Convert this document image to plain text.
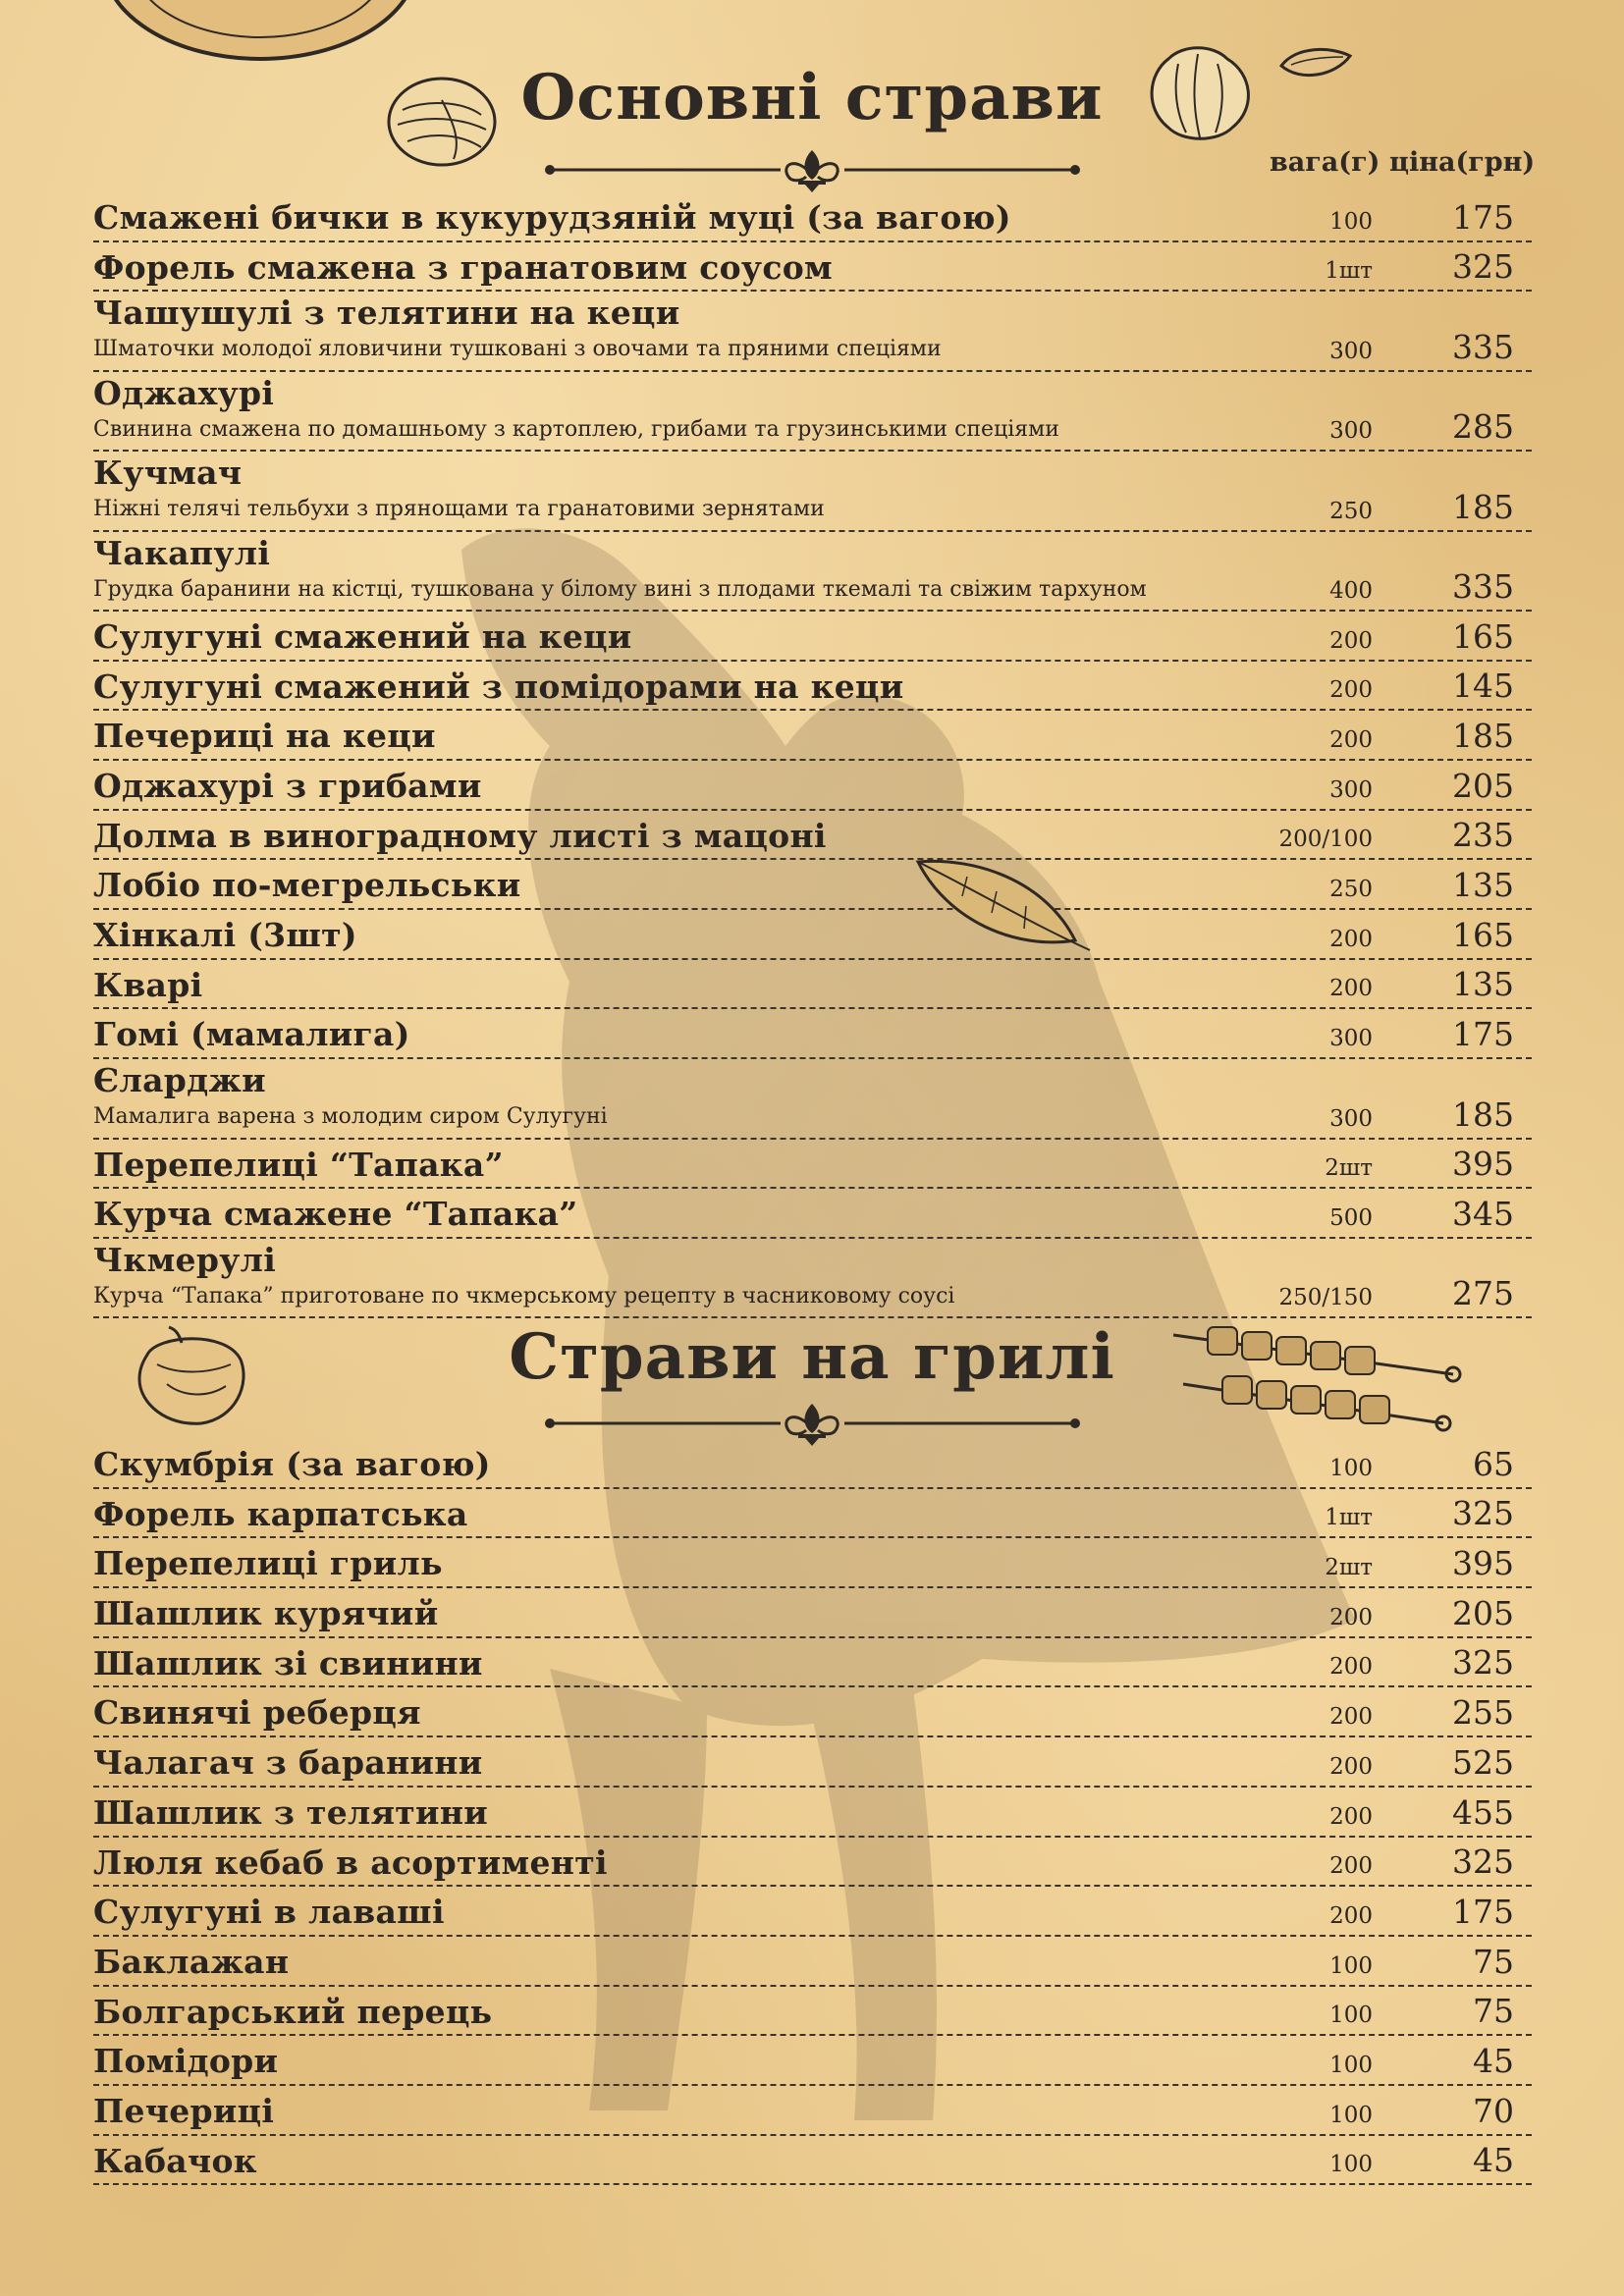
Основні страви
вага(г) ціна(грн)
Смажені бички в кукурудзяній муці (за вагою)	100	175
Форель смажена з гранатовим соусом	1шт	325
Чашушулі з телятини на кеци
Шматочки молодої яловичини тушковані з овочами та пряними спеціями	300	335
Оджахурі
Свинина смажена по домашньому з картоплею, грибами та грузинськими спеціями	300	285
Кучмач
Ніжні телячі тельбухи з прянощами та гранатовими зернятами	250	185
Чакапулі
Грудка баранини на кістці, тушкована у білому вині з плодами ткемалі та свіжим тархуном	400	335
Сулугуні смажений на кеци	200	165
Сулугуні смажений з помідорами на кеци	200	145
Печериці на кеци	200	185
Оджахурі з грибами	300	205
Долма в виноградному листі з мацоні	200/100	235
Лобіо по-мегрельськи	250	135
Хінкалі (3шт)	200	165
Кварі	200	135
Гомі (мамалига)	300	175
Єларджи
Мамалига варена з молодим сиром Сулугуні	300	185
Перепелиці “Тапака”	2шт	395
Курча смажене “Тапака”	500	345
Чкмерулі
Курча “Тапака” приготоване по чкмерському рецепту в часниковому соусі	250/150	275
Страви на грилі
Скумбрія (за вагою)	100	65
Форель карпатська	1шт	325
Перепелиці гриль	2шт	395
Шашлик курячий	200	205
Шашлик зі свинини	200	325
Свинячі реберця	200	255
Чалагач з баранини	200	525
Шашлик з телятини	200	455
Люля кебаб в асортименті	200	325
Сулугуні в лаваші	200	175
Баклажан	100	75
Болгарський перець	100	75
Помідори	100	45
Печериці	100	70
Кабачок	100	45
